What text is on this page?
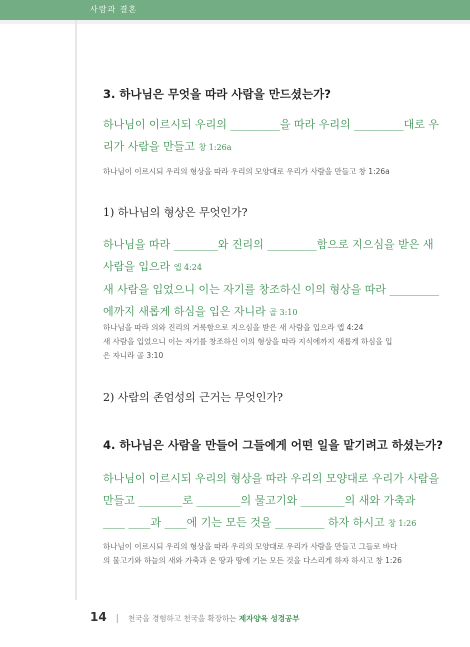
사람과 결혼
3. 하나님은 무엇을 따라 사람을 만드셨는가?
하나님이 이르시되 우리의 _________을 따라 우리의 _________대로 우
리가 사람을 만들고 창 1:26a
하나님이 이르시되 우리의 형상을 따라 우리의 모양대로 우리가 사람을 만들고 창 1:26a
1) 하나님의 형상은 무엇인가?
하나님을 따라 ________와 진리의 _________함으로 지으심을 받은 새
사람을 입으라 엡 4:24
새 사람을 입었으니 이는 자기를 창조하신 이의 형상을 따라 _________
에까지 새롭게 하심을 입은 자니라 골 3:10
하나님을 따라 의와 진리의 거룩함으로 지으심을 받은 새 사람을 입으라 엡 4:24
새 사람을 입었으니 이는 자기를 창조하신 이의 형상을 따라 지식에까지 새롭게 하심을 입
은 자니라 골 3:10
2) 사람의 존엄성의 근거는 무엇인가?
4. 하나님은 사람을 만들어 그들에게 어떤 일을 맡기려고 하셨는가?
하나님이 이르시되 우리의 형상을 따라 우리의 모양대로 우리가 사람을
만들고 ________로 ________의 물고기와 ________의 새와 가축과
____ ____과 ____에 기는 모든 것을 _________ 하자 하시고 창 1:26
하나님이 이르시되 우리의 형상을 따라 우리의 모양대로 우리가 사람을 만들고 그들로 바다
의 물고기와 하늘의 새와 가축과 온 땅과 땅에 기는 모든 것을 다스리게 하자 하시고 창 1:26
14 | 천국을 경험하고 천국을 확장하는 제자양육 성경공부
